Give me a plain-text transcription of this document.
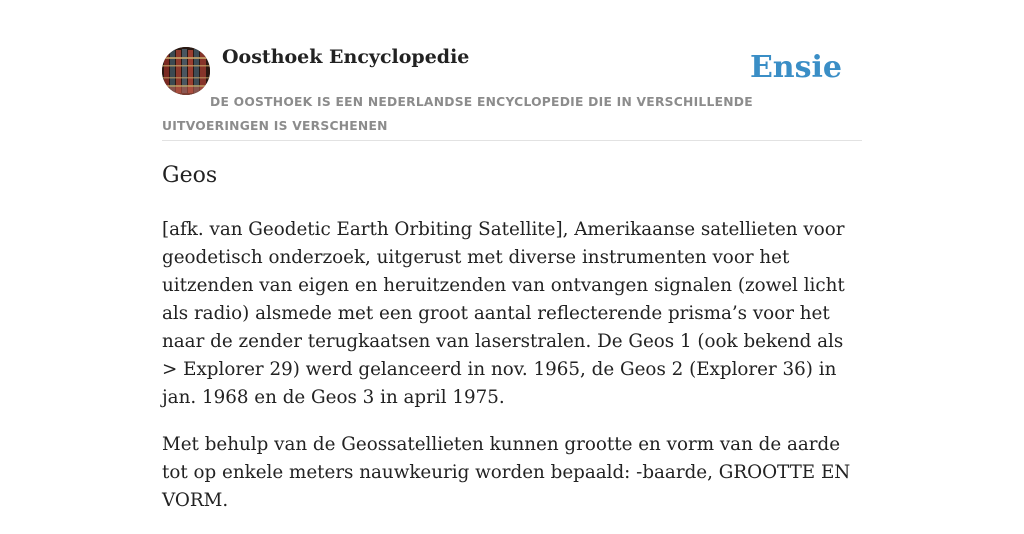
Oosthoek Encyclopedie	Ensie

DE OOSTHOEK IS EEN NEDERLANDSE ENCYCLOPEDIE DIE IN VERSCHILLENDE UITVOERINGEN IS VERSCHENEN

Geos

[afk. van Geodetic Earth Orbiting Satellite], Amerikaanse satellieten voor geodetisch onderzoek, uitgerust met diverse instrumenten voor het uitzenden van eigen en heruitzenden van ontvangen signalen (zowel licht als radio) alsmede met een groot aantal reflecterende prisma’s voor het naar de zender terugkaatsen van laserstralen. De Geos 1 (ook bekend als > Explorer 29) werd gelanceerd in nov. 1965, de Geos 2 (Explorer 36) in jan. 1968 en de Geos 3 in april 1975.

Met behulp van de Geossatellieten kunnen grootte en vorm van de aarde tot op enkele meters nauwkeurig worden bepaald: -baarde, GROOTTE EN VORM.
